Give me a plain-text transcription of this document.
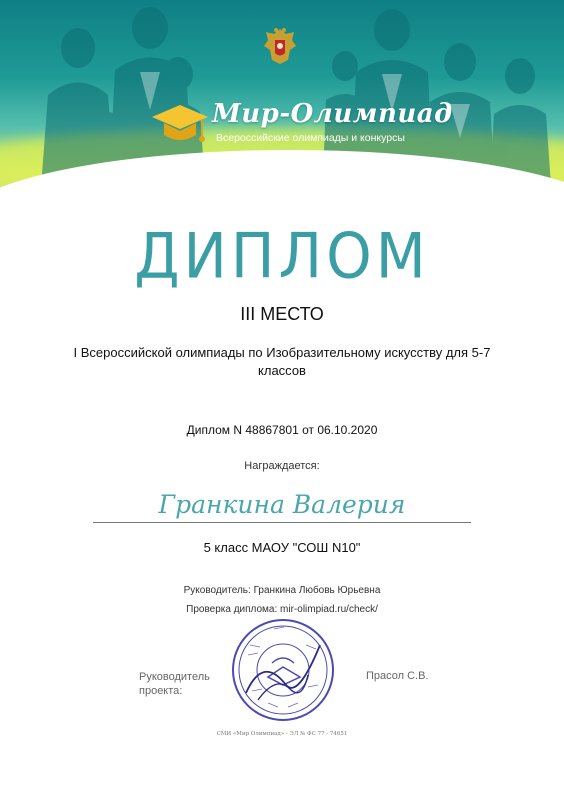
Мир-Олимпиад
Всероссийские олимпиады и конкурсы
ДИПЛОМ
III МЕСТО
I Всероссийской олимпиады по Изобразительному искусству для 5-7 классов
Диплом N 48867801 от 06.10.2020
Награждается:
Гранкина Валерия
5 класс МАОУ "СОШ N10"
Руководитель: Гранкина Любовь Юрьевна
Проверка диплома: mir-olimpiad.ru/check/
Руководитель проекта:
Прасол С.В.
СМИ «Мир Олимпиад» - ЭЛ № ФС 77 - 74651
